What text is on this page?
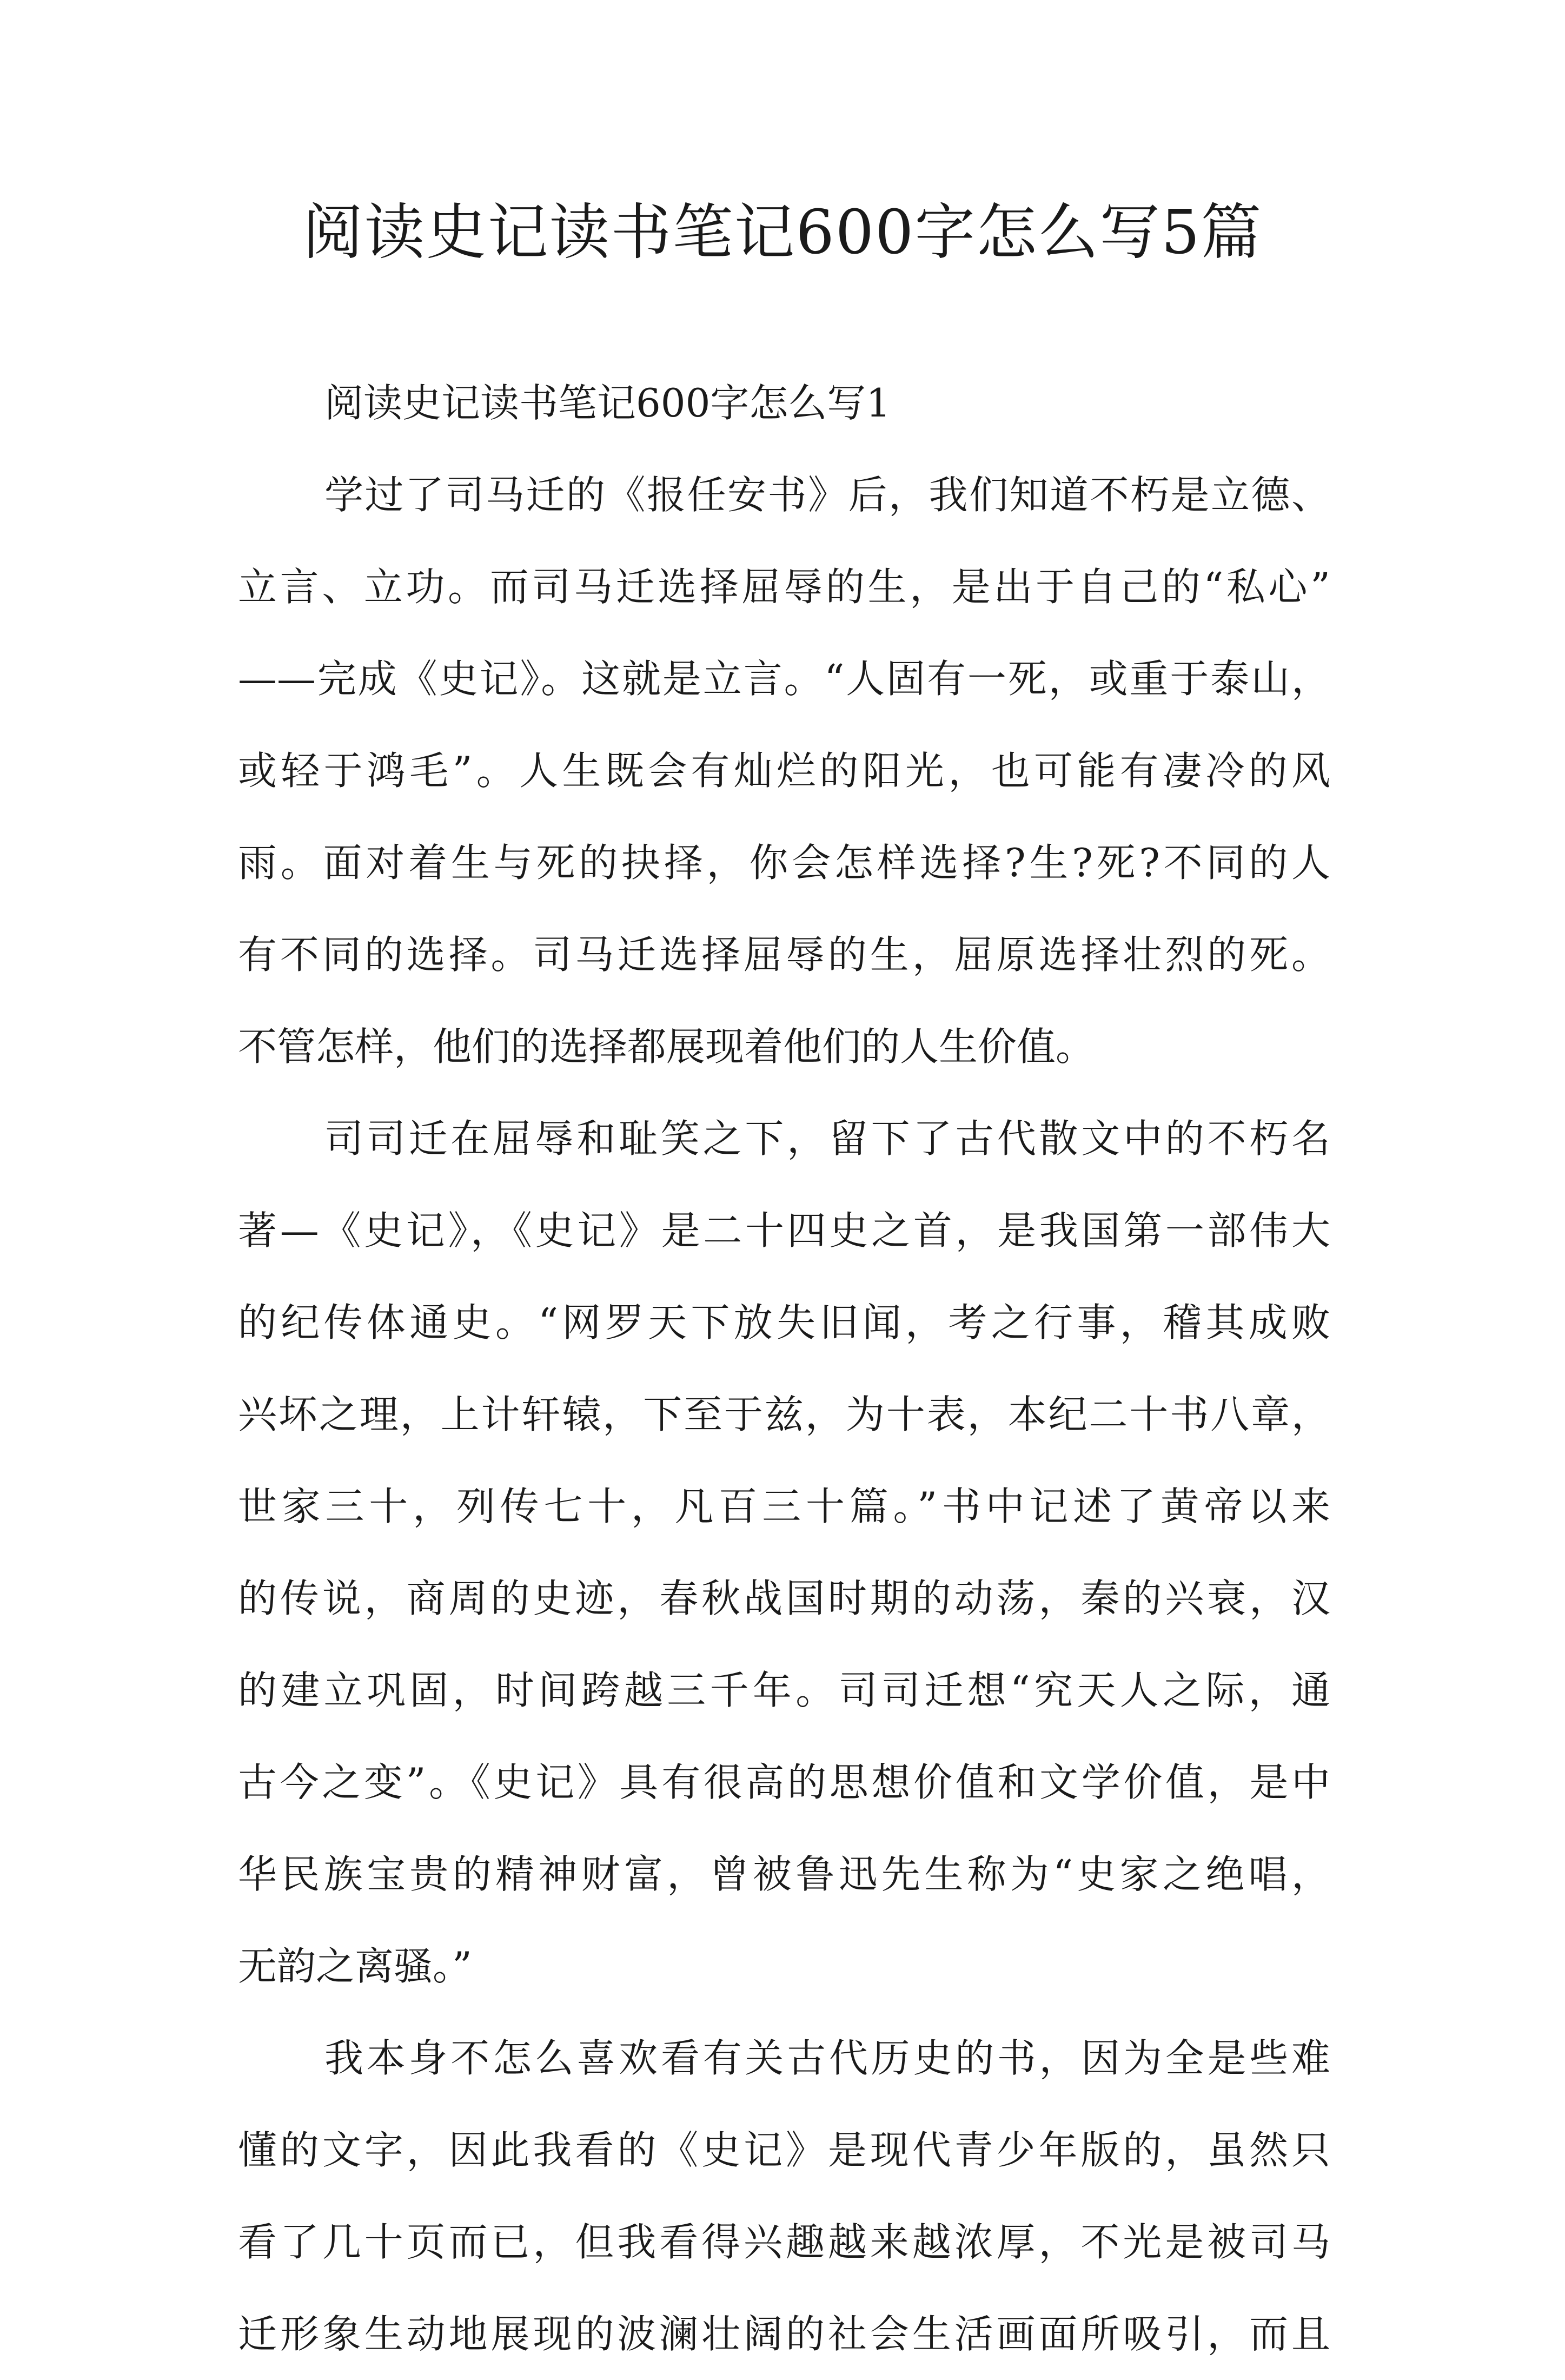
阅读史记读书笔记600字怎么写5篇
阅读史记读书笔记600字怎么写1
学过了司马迁的《报任安书》后，我们知道不朽是立德、
立言、立功。而司马迁选择屈辱的生，是出于自己的“私心”
——完成《史记》。这就是立言。“人固有一死，或重于泰山，
或轻于鸿毛”。人生既会有灿烂的阳光，也可能有凄冷的风
雨。面对着生与死的抉择，你会怎样选择?生?死?不同的人
有不同的选择。司马迁选择屈辱的生，屈原选择壮烈的死。
不管怎样，他们的选择都展现着他们的人生价值。
司司迁在屈辱和耻笑之下，留下了古代散文中的不朽名
著—《史记》，《史记》是二十四史之首，是我国第一部伟大
的纪传体通史。“网罗天下放失旧闻，考之行事，稽其成败
兴坏之理，上计轩辕，下至于兹，为十表，本纪二十书八章，
世家三十，列传七十，凡百三十篇。”书中记述了黄帝以来
的传说，商周的史迹，春秋战国时期的动荡，秦的兴衰，汉
的建立巩固，时间跨越三千年。司司迁想“究天人之际，通
古今之变”。《史记》具有很高的思想价值和文学价值，是中
华民族宝贵的精神财富，曾被鲁迅先生称为“史家之绝唱，
无韵之离骚。”
我本身不怎么喜欢看有关古代历史的书，因为全是些难
懂的文字，因此我看的《史记》是现代青少年版的，虽然只
看了几十页而已，但我看得兴趣越来越浓厚，不光是被司马
迁形象生动地展现的波澜壮阔的社会生活画面所吸引，而且
